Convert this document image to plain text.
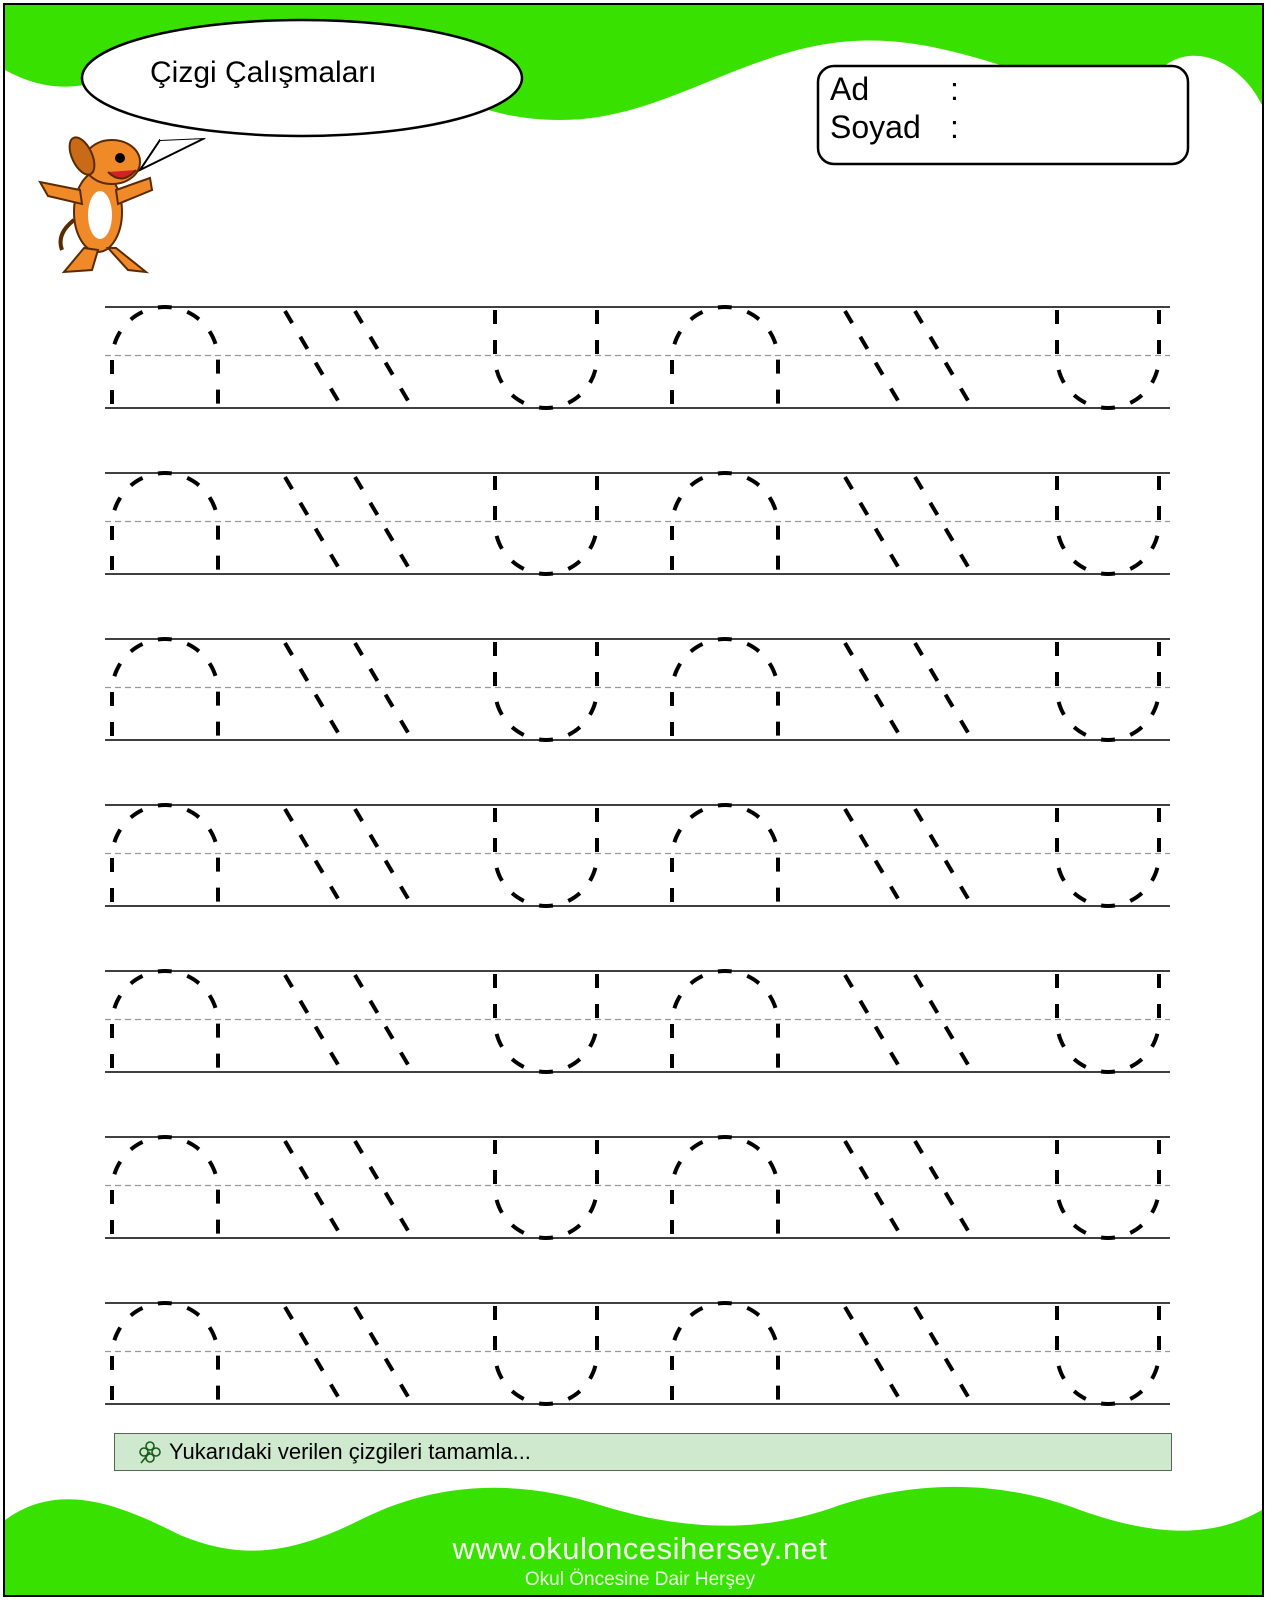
Çizgi Çalışmaları	Ad	:
Soyad :
Yukarıdaki verilen çizgileri tamamla...
www.okuloncesihersey.net
Okul Öncesine Dair Herşey
